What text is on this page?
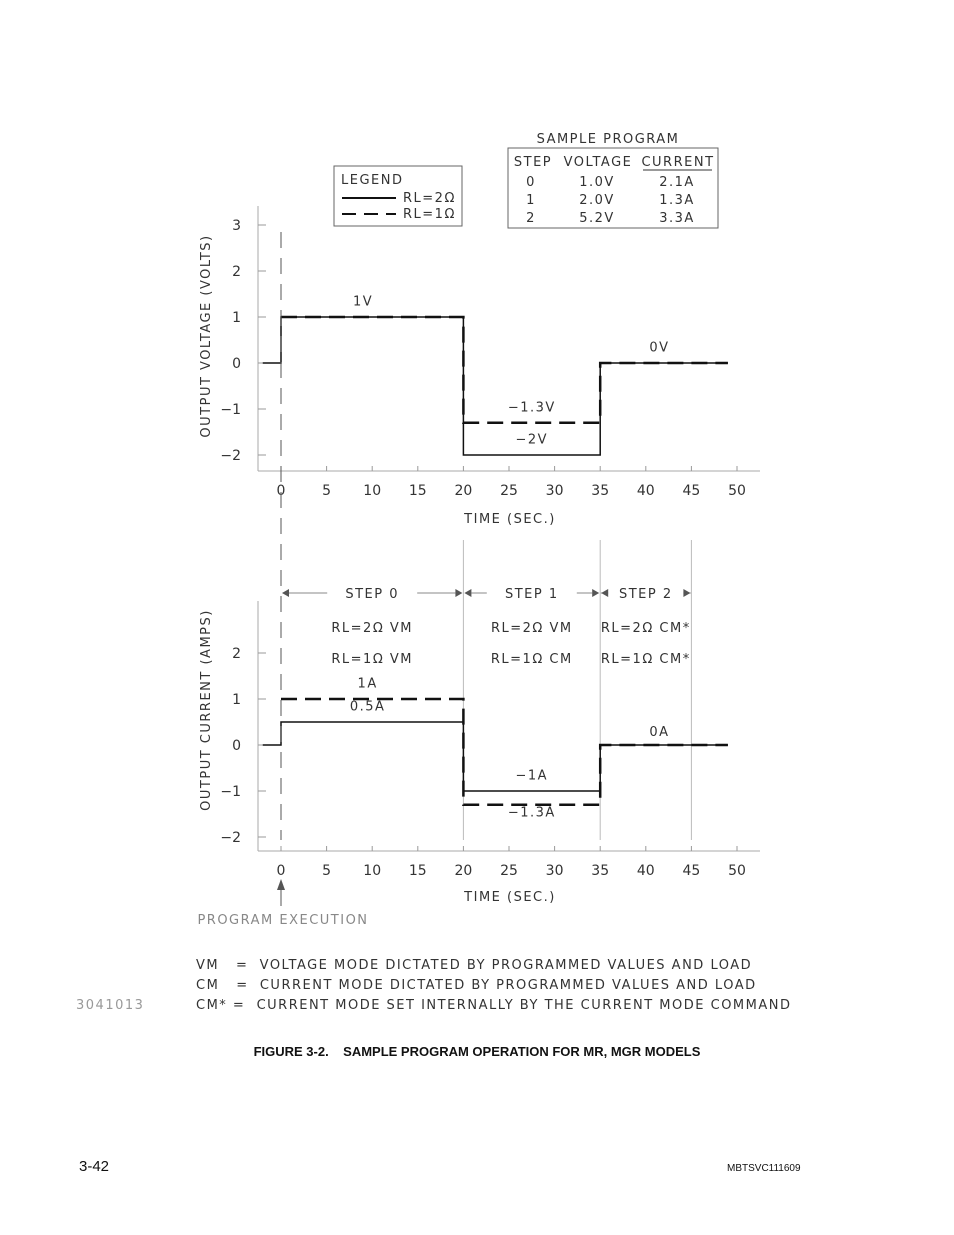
SAMPLE PROGRAM
STEP VOLTAGE CURRENT
0	1.0V	2.1A
1	2.0V	1.3A
2	5.2V	3.3A
LEGEND
RL=2Ω
RL=1Ω
OUTPUT VOLTAGE (VOLTS)
TIME (SEC.)
3
2
1
0
−1
−2
0	5 10 15 20 25 30 35 40 45 50
1V
−1.3V
−2V
0V
OUTPUT CURRENT (AMPS)
TIME (SEC.)
STEP 0
RL=2Ω VM
RL=1Ω VM
STEP 1
RL=2Ω VM
RL=1Ω CM
STEP 2
RL=2Ω CM*
RL=1Ω CM*
2
1
0
−1
−2
0	5 10 15 20 25 30 35 40 45 50
1A
0.5A
−1A
−1.3A
0A
PROGRAM EXECUTION
VM   =  VOLTAGE MODE DICTATED BY PROGRAMMED VALUES AND LOAD
CM   =  CURRENT MODE DICTATED BY PROGRAMMED VALUES AND LOAD
CM* =  CURRENT MODE SET INTERNALLY BY THE CURRENT MODE COMMAND
3041013
FIGURE 3-2.    SAMPLE PROGRAM OPERATION FOR MR, MGR MODELS
3-42	MBTSVC111609
